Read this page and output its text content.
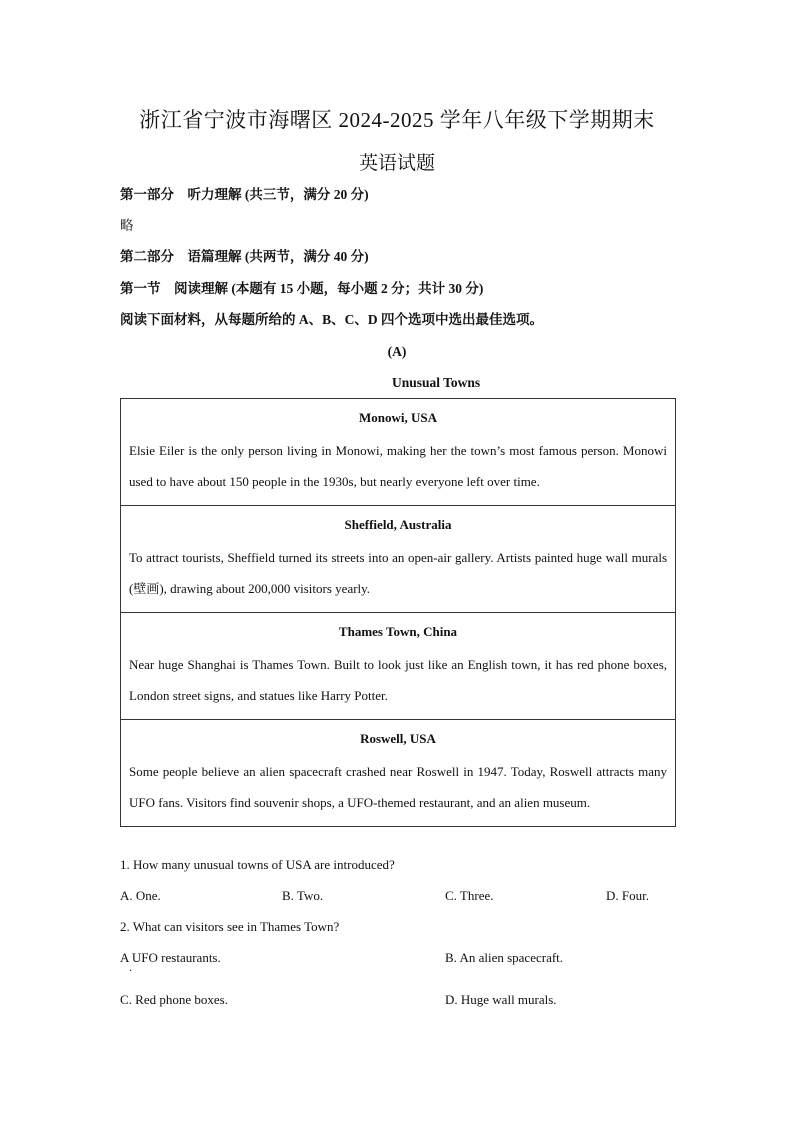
浙江省宁波市海曙区 2024-2025 学年八年级下学期期末
英语试题
第一部分　听力理解 (共三节，满分 20 分)
略
第二部分　语篇理解 (共两节，满分 40 分)
第一节　阅读理解 (本题有 15 小题，每小题 2 分；共计 30 分)
阅读下面材料，从每题所给的 A、B、C、D 四个选项中选出最佳选项。
(A)
Unusual Towns
Monowi, USA
Elsie Eiler is the only person living in Monowi, making her the town’s most famous person. Monowi used to have about 150 people in the 1930s, but nearly everyone left over time.

Sheffield, Australia
To attract tourists, Sheffield turned its streets into an open-air gallery. Artists painted huge wall murals (壁画), drawing about 200,000 visitors yearly.

Thames Town, China
Near huge Shanghai is Thames Town. Built to look just like an English town, it has red phone boxes, London street signs, and statues like Harry Potter.

Roswell, USA
Some people believe an alien spacecraft crashed near Roswell in 1947. Today, Roswell attracts many UFO fans. Visitors find souvenir shops, a UFO-themed restaurant, and an alien museum.
1. How many unusual towns of USA are introduced?
A. One.	B. Two.	C. Three.	D. Four.
2. What can visitors see in Thames Town?
A UFO restaurants.
·
B. An alien spacecraft.
C. Red phone boxes.	D. Huge wall murals.
